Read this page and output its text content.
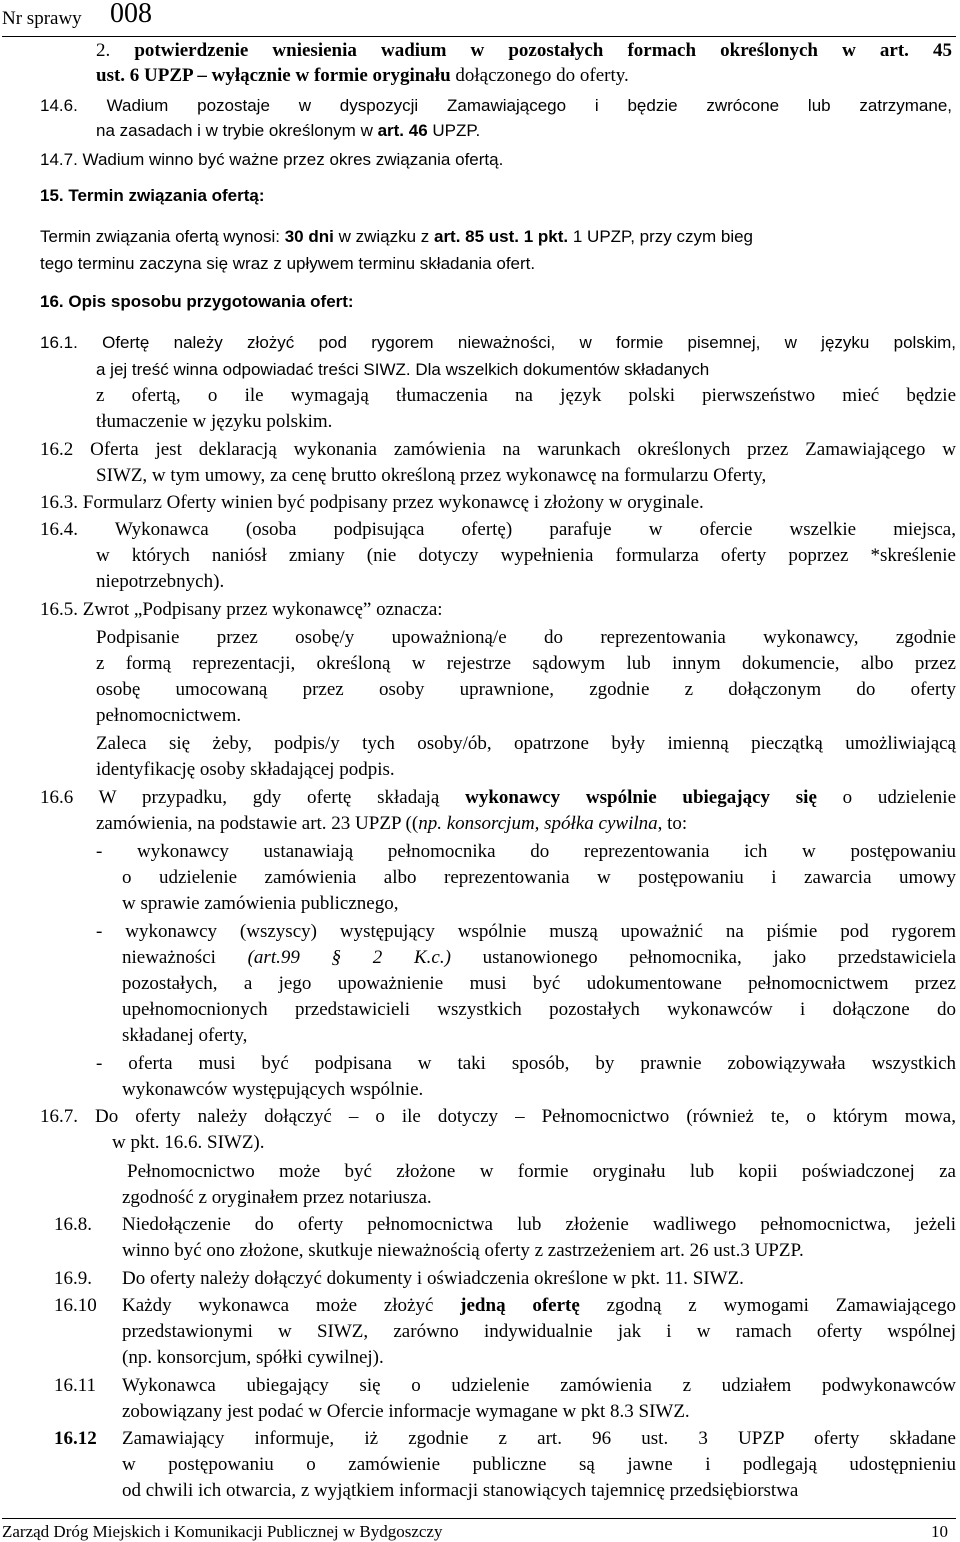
Nr sprawy 008
2. potwierdzenie wniesienia wadium w pozostałych formach określonych w art. 45
ust. 6 UPZP – wyłącznie w formie oryginału dołączonego do oferty.
14.6. Wadium pozostaje w dyspozycji Zamawiającego i będzie zwrócone lub zatrzymane,
na zasadach i w trybie określonym w art. 46 UPZP.
14.7. Wadium winno być ważne przez okres związania ofertą.
15. Termin związania ofertą:
Termin związania ofertą wynosi: 30 dni w związku z art. 85 ust. 1 pkt. 1 UPZP, przy czym bieg
tego terminu zaczyna się wraz z upływem terminu składania ofert.
16. Opis sposobu przygotowania ofert:
16.1. Ofertę należy złożyć pod rygorem nieważności, w formie pisemnej, w języku polskim,
a jej treść winna odpowiadać treści SIWZ. Dla wszelkich dokumentów składanych
z ofertą, o ile wymagają tłumaczenia na język polski pierwszeństwo mieć będzie
tłumaczenie w języku polskim.
16.2 Oferta jest deklaracją wykonania zamówienia na warunkach określonych przez Zamawiającego w
SIWZ, w tym umowy, za cenę brutto określoną przez wykonawcę na formularzu Oferty,
16.3. Formularz Oferty winien być podpisany przez wykonawcę i złożony w oryginale.
16.4. Wykonawca (osoba podpisująca ofertę) parafuje w ofercie wszelkie miejsca,
w których naniósł zmiany (nie dotyczy wypełnienia formularza oferty poprzez *skreślenie
niepotrzebnych).
16.5. Zwrot „Podpisany przez wykonawcę” oznacza:
Podpisanie przez osobę/y upoważnioną/e do reprezentowania wykonawcy, zgodnie
z formą reprezentacji, określoną w rejestrze sądowym lub innym dokumencie, albo przez
osobę umocowaną przez osoby uprawnione, zgodnie z dołączonym do oferty
pełnomocnictwem.
Zaleca się żeby, podpis/y tych osoby/ób, opatrzone były imienną pieczątką umożliwiającą
identyfikację osoby składającej podpis.
16.6 W przypadku, gdy ofertę składają wykonawcy wspólnie ubiegający się o udzielenie
zamówienia, na podstawie art. 23 UPZP ((np. konsorcjum, spółka cywilna, to:
- wykonawcy ustanawiają pełnomocnika do reprezentowania ich w postępowaniu
o udzielenie zamówienia albo reprezentowania w postępowaniu i zawarcia umowy
w sprawie zamówienia publicznego,
- wykonawcy (wszyscy) występujący wspólnie muszą upoważnić na piśmie pod rygorem
nieważności (art.99 § 2 K.c.) ustanowionego pełnomocnika, jako przedstawiciela
pozostałych, a jego upoważnienie musi być udokumentowane pełnomocnictwem przez
upełnomocnionych przedstawicieli wszystkich pozostałych wykonawców i dołączone do
składanej oferty,
- oferta musi być podpisana w taki sposób, by prawnie zobowiązywała wszystkich
wykonawców występujących wspólnie.
16.7. Do oferty należy dołączyć – o ile dotyczy – Pełnomocnictwo (również te, o którym mowa,
w pkt. 16.6. SIWZ).
Pełnomocnictwo może być złożone w formie oryginału lub kopii poświadczonej za
zgodność z oryginałem przez notariusza.
16.8. Niedołączenie do oferty pełnomocnictwa lub złożenie wadliwego pełnomocnictwa, jeżeli
winno być ono złożone, skutkuje nieważnością oferty z zastrzeżeniem art. 26 ust.3 UPZP.
16.9. Do oferty należy dołączyć dokumenty i oświadczenia określone w pkt. 11. SIWZ.
16.10 Każdy wykonawca może złożyć jedną ofertę zgodną z wymogami Zamawiającego
przedstawionymi w SIWZ, zarówno indywidualnie jak i w ramach oferty wspólnej
(np. konsorcjum, spółki cywilnej).
16.11 Wykonawca ubiegający się o udzielenie zamówienia z udziałem podwykonawców
zobowiązany jest podać w Ofercie informacje wymagane w pkt 8.3 SIWZ.
16.12 Zamawiający informuje, iż zgodnie z art. 96 ust. 3 UPZP oferty składane
w postępowaniu o zamówienie publiczne są jawne i podlegają udostępnieniu
od chwili ich otwarcia, z wyjątkiem informacji stanowiących tajemnicę przedsiębiorstwa
Zarząd Dróg Miejskich i Komunikacji Publicznej w Bydgoszczy	10
